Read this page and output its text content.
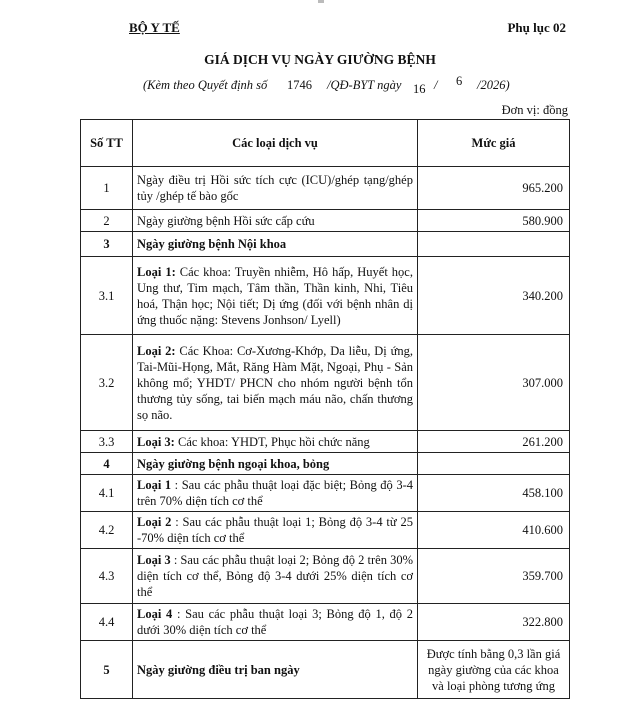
BỘ Y TẾ	Phụ lục 02
GIÁ DỊCH VỤ NGÀY GIƯỜNG BỆNH
(Kèm theo Quyết định số 1746 /QĐ-BYT ngày 16 / 6 /2026)
Đơn vị: đồng
Số TT	Các loại dịch vụ	Mức giá
1	Ngày điều trị Hồi sức tích cực (ICU)/ghép tạng/ghép tủy /ghép tế bào gốc	965.200
2	Ngày giường bệnh Hồi sức cấp cứu	580.900
3	Ngày giường bệnh Nội khoa	
3.1	Loại 1: Các khoa: Truyền nhiễm, Hô hấp, Huyết học, Ung thư, Tim mạch, Tâm thần, Thần kinh, Nhi, Tiêu hoá, Thận học; Nội tiết; Dị ứng (đối với bệnh nhân dị ứng thuốc nặng: Stevens Jonhson/ Lyell)	340.200
3.2	Loại 2: Các Khoa: Cơ-Xương-Khớp, Da liễu, Dị ứng, Tai-Mũi-Họng, Mắt, Răng Hàm Mặt, Ngoại, Phụ - Sản không mổ; YHDT/ PHCN cho nhóm người bệnh tổn thương tủy sống, tai biến mạch máu não, chấn thương sọ não.	307.000
3.3	Loại 3: Các khoa: YHDT, Phục hồi chức năng	261.200
4	Ngày giường bệnh ngoại khoa, bỏng	
4.1	Loại 1 : Sau các phẫu thuật loại đặc biệt; Bỏng độ 3-4 trên 70% diện tích cơ thể	458.100
4.2	Loại 2 : Sau các phẫu thuật loại 1; Bỏng độ 3-4 từ 25 -70% diện tích cơ thể	410.600
4.3	Loại 3 : Sau các phẫu thuật loại 2; Bỏng độ 2 trên 30% diện tích cơ thể, Bỏng độ 3-4 dưới 25% diện tích cơ thể	359.700
4.4	Loại 4 : Sau các phẫu thuật loại 3; Bỏng độ 1, độ 2 dưới 30% diện tích cơ thể	322.800
5	Ngày giường điều trị ban ngày	Được tính bằng 0,3 lần giá ngày giường của các khoa và loại phòng tương ứng
